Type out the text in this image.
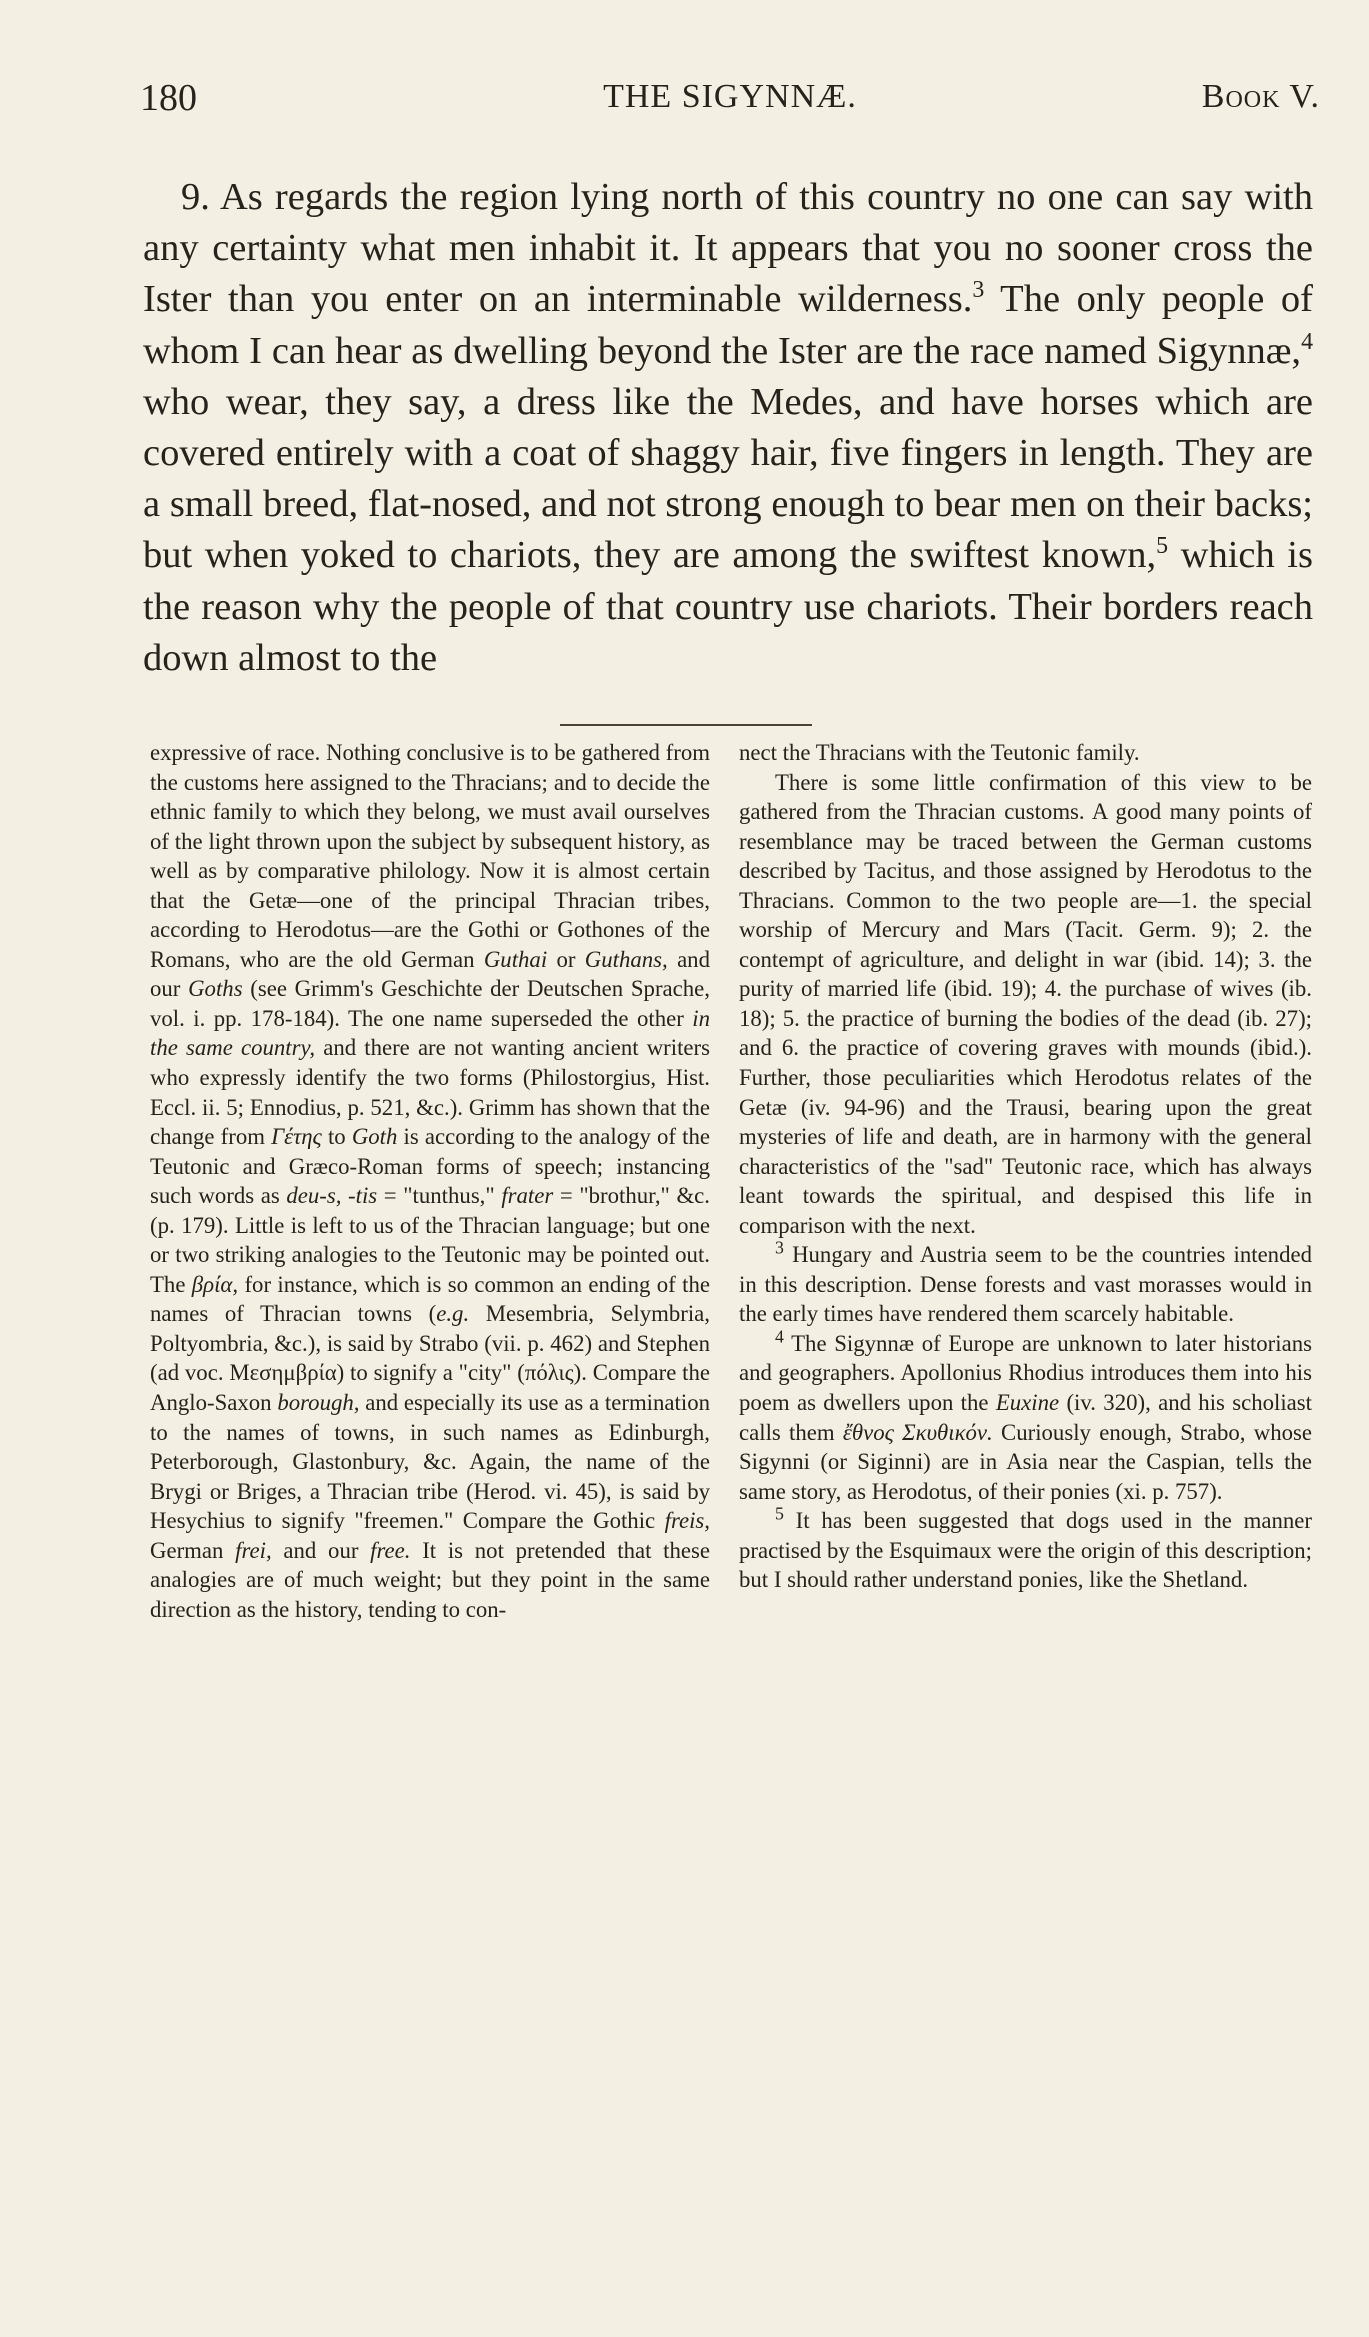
180	THE SIGYNNÆ.	Book V.

9. As regards the region lying north of this country no one can say with any certainty what men inhabit it. It appears that you no sooner cross the Ister than you enter on an interminable wilderness.$^3$ The only people of whom I can hear as dwelling beyond the Ister are the race named Sigynnæ,$^4$ who wear, they say, a dress like the Medes, and have horses which are covered entirely with a coat of shaggy hair, five fingers in length. They are a small breed, flat-nosed, and not strong enough to bear men on their backs; but when yoked to chariots, they are among the swiftest known,$^5$ which is the reason why the people of that country use chariots. Their borders reach down almost to the

expressive of race. Nothing conclusive is to be gathered from the customs here assigned to the Thracians; and to decide the ethnic family to which they belong, we must avail ourselves of the light thrown upon the subject by subsequent history, as well as by comparative philology. Now it is almost certain that the Getæ—one of the principal Thracian tribes, according to Herodotus—are the Gothi or Gothones of the Romans, who are the old German Guthai or Guthans, and our Goths (see Grimm's Geschichte der Deutschen Sprache, vol. i. pp. 178-184). The one name superseded the other in the same country, and there are not wanting ancient writers who expressly identify the two forms (Philostorgius, Hist. Eccl. ii. 5; Ennodius, p. 521, &c.). Grimm has shown that the change from Γέτης to Goth is according to the analogy of the Teutonic and Græco-Roman forms of speech; instancing such words as deu-s, -tis = "tunthus," frater = "brothur," &c. (p. 179). Little is left to us of the Thracian language; but one or two striking analogies to the Teutonic may be pointed out. The βρία, for instance, which is so common an ending of the names of Thracian towns (e.g. Mesembria, Selymbria, Poltyombria, &c.), is said by Strabo (vii. p. 462) and Stephen (ad voc. Μεσημβρία) to signify a "city" (πόλις). Compare the Anglo-Saxon borough, and especially its use as a termination to the names of towns, in such names as Edinburgh, Peterborough, Glastonbury, &c. Again, the name of the Brygi or Briges, a Thracian tribe (Herod. vi. 45), is said by Hesychius to signify "freemen." Compare the Gothic freis, German frei, and our free. It is not pretended that these analogies are of much weight; but they point in the same direction as the history, tending to con-

nect the Thracians with the Teutonic family.

There is some little confirmation of this view to be gathered from the Thracian customs. A good many points of resemblance may be traced between the German customs described by Tacitus, and those assigned by Herodotus to the Thracians. Common to the two people are—1. the special worship of Mercury and Mars (Tacit. Germ. 9); 2. the contempt of agriculture, and delight in war (ibid. 14); 3. the purity of married life (ibid. 19); 4. the purchase of wives (ib. 18); 5. the practice of burning the bodies of the dead (ib. 27); and 6. the practice of covering graves with mounds (ibid.). Further, those peculiarities which Herodotus relates of the Getæ (iv. 94-96) and the Trausi, bearing upon the great mysteries of life and death, are in harmony with the general characteristics of the "sad" Teutonic race, which has always leant towards the spiritual, and despised this life in comparison with the next.

$^3$ Hungary and Austria seem to be the countries intended in this description. Dense forests and vast morasses would in the early times have rendered them scarcely habitable.

$^4$ The Sigynnæ of Europe are unknown to later historians and geographers. Apollonius Rhodius introduces them into his poem as dwellers upon the Euxine (iv. 320), and his scholiast calls them ἔθνος Σκυθικόν. Curiously enough, Strabo, whose Sigynni (or Siginni) are in Asia near the Caspian, tells the same story, as Herodotus, of their ponies (xi. p. 757).

$^5$ It has been suggested that dogs used in the manner practised by the Esquimaux were the origin of this description; but I should rather understand ponies, like the Shetland.
